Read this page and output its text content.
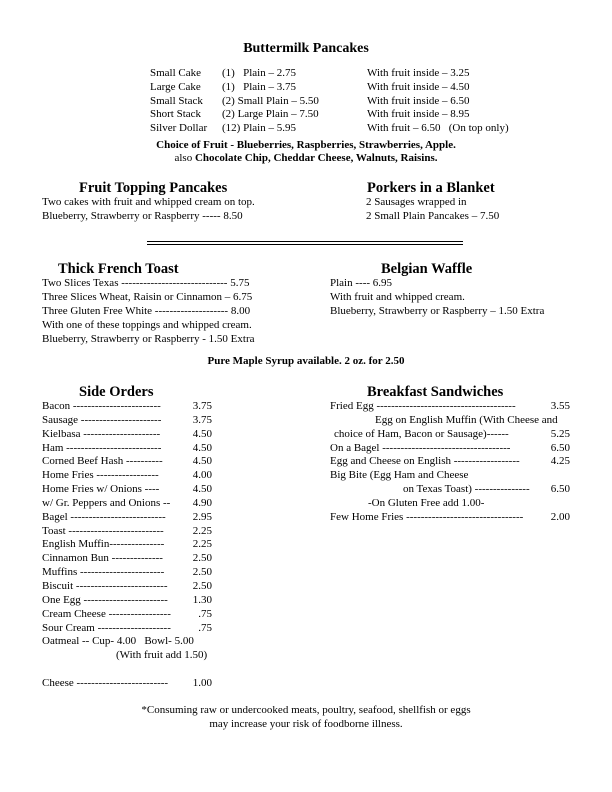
Buttermilk Pancakes
Small Cake (1)   Plain – 2.75	With fruit inside – 3.25
Large Cake (1)   Plain – 3.75	With fruit inside – 4.50
Small Stack (2) Small Plain – 5.50	With fruit inside – 6.50
Short Stack (2) Large Plain – 7.50	With fruit inside – 8.95
Silver Dollar (12) Plain – 5.95	With fruit – 6.50   (On top only)
Choice of Fruit - Blueberries, Raspberries, Strawberries, Apple.
also Chocolate Chip, Cheddar Cheese, Walnuts, Raisins.
Fruit Topping Pancakes
Two cakes with fruit and whipped cream on top.
Blueberry, Strawberry or Raspberry ----- 8.50
Porkers in a Blanket
2 Sausages wrapped in
2 Small Plain Pancakes – 7.50
Thick French Toast
Two Slices Texas ----------------------------- 5.75
Three Slices Wheat, Raisin or Cinnamon – 6.75
Three Gluten Free White -------------------- 8.00
With one of these toppings and whipped cream.
Blueberry, Strawberry or Raspberry - 1.50 Extra
Belgian Waffle
Plain ---- 6.95
With fruit and whipped cream.
Blueberry, Strawberry or Raspberry – 1.50 Extra
Pure Maple Syrup available. 2 oz. for 2.50
Side Orders
Bacon ------------------------	3.75
Sausage ----------------------	3.75
Kielbasa ---------------------	4.50
Ham --------------------------	4.50
Corned Beef Hash ----------	4.50
Home Fries -----------------	4.00
Home Fries w/ Onions ----	4.50
w/ Gr. Peppers and Onions -- 4.90
Bagel -------------------------- 2.95
Toast --------------------------	2.25
English Muffin---------------	2.25
Cinnamon Bun --------------	2.50
Muffins -----------------------	2.50
Biscuit ------------------------- 2.50
One Egg ----------------------- 1.30
Cream Cheese ----------------- .75
Sour Cream -------------------- .75
Oatmeal -- Cup- 4.00   Bowl- 5.00
(With fruit add 1.50)
Cheese ------------------------- 1.00
Breakfast Sandwiches
Fried Egg --------------------------------------	3.55
Egg on English Muffin (With Cheese and
choice of Ham, Bacon or Sausage)------	5.25
On a Bagel -----------------------------------	6.50
Egg and Cheese on English ------------------	4.25
Big Bite (Egg Ham and Cheese
on Texas Toast) --------------- 6.50
-On Gluten Free add 1.00-
Few Home Fries -------------------------------- 2.00
*Consuming raw or undercooked meats, poultry, seafood, shellfish or eggs
may increase your risk of foodborne illness.
